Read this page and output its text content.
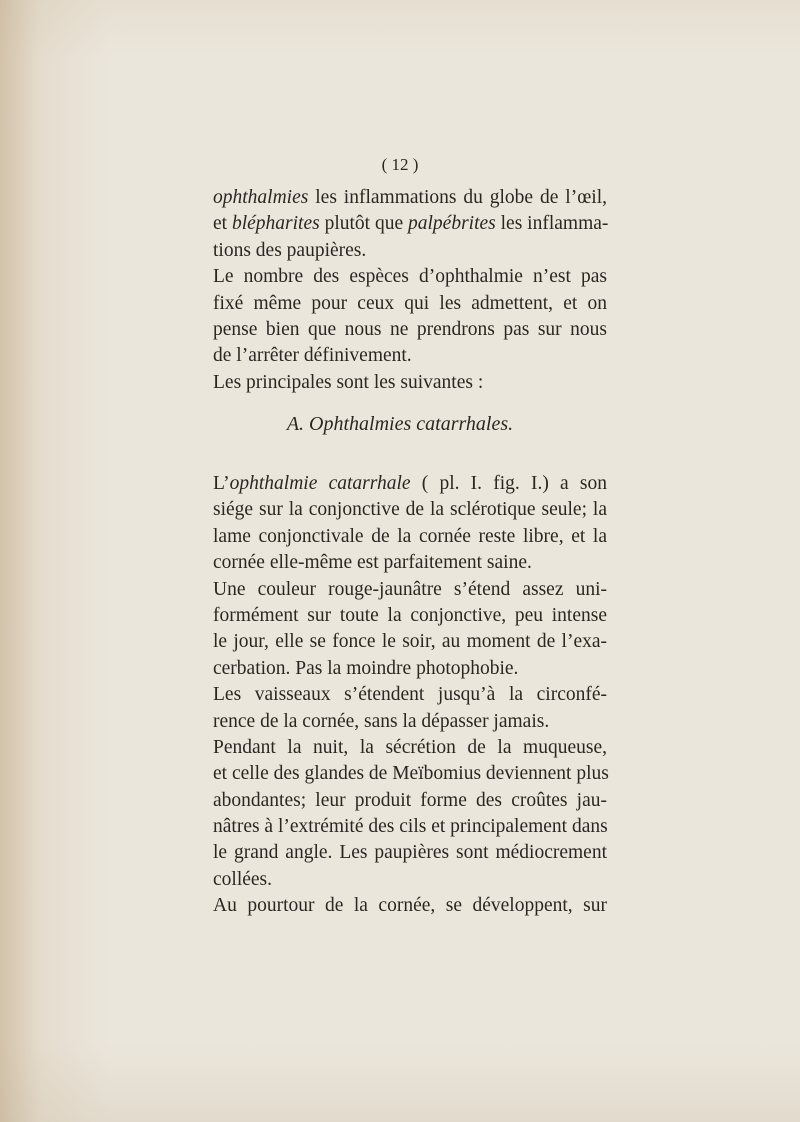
( 12 )
ophthalmies les inflammations du globe de l’œil,
et blépharites plutôt que palpébrites les inflamma-
tions des paupières.
Le nombre des espèces d’ophthalmie n’est pas
fixé même pour ceux qui les admettent, et on
pense bien que nous ne prendrons pas sur nous
de l’arrêter définivement.
Les principales sont les suivantes :
A. Ophthalmies catarrhales.
L’ophthalmie catarrhale ( pl. I. fig. I.) a son
siége sur la conjonctive de la sclérotique seule; la
lame conjonctivale de la cornée reste libre, et la
cornée elle-même est parfaitement saine.
Une couleur rouge-jaunâtre s’étend assez uni-
formément sur toute la conjonctive, peu intense
le jour, elle se fonce le soir, au moment de l’exa-
cerbation. Pas la moindre photophobie.
Les vaisseaux s’étendent jusqu’à la circonfé-
rence de la cornée, sans la dépasser jamais.
Pendant la nuit, la sécrétion de la muqueuse,
et celle des glandes de Meïbomius deviennent plus
abondantes; leur produit forme des croûtes jau-
nâtres à l’extrémité des cils et principalement dans
le grand angle. Les paupières sont médiocrement
collées.
Au pourtour de la cornée, se développent, sur
